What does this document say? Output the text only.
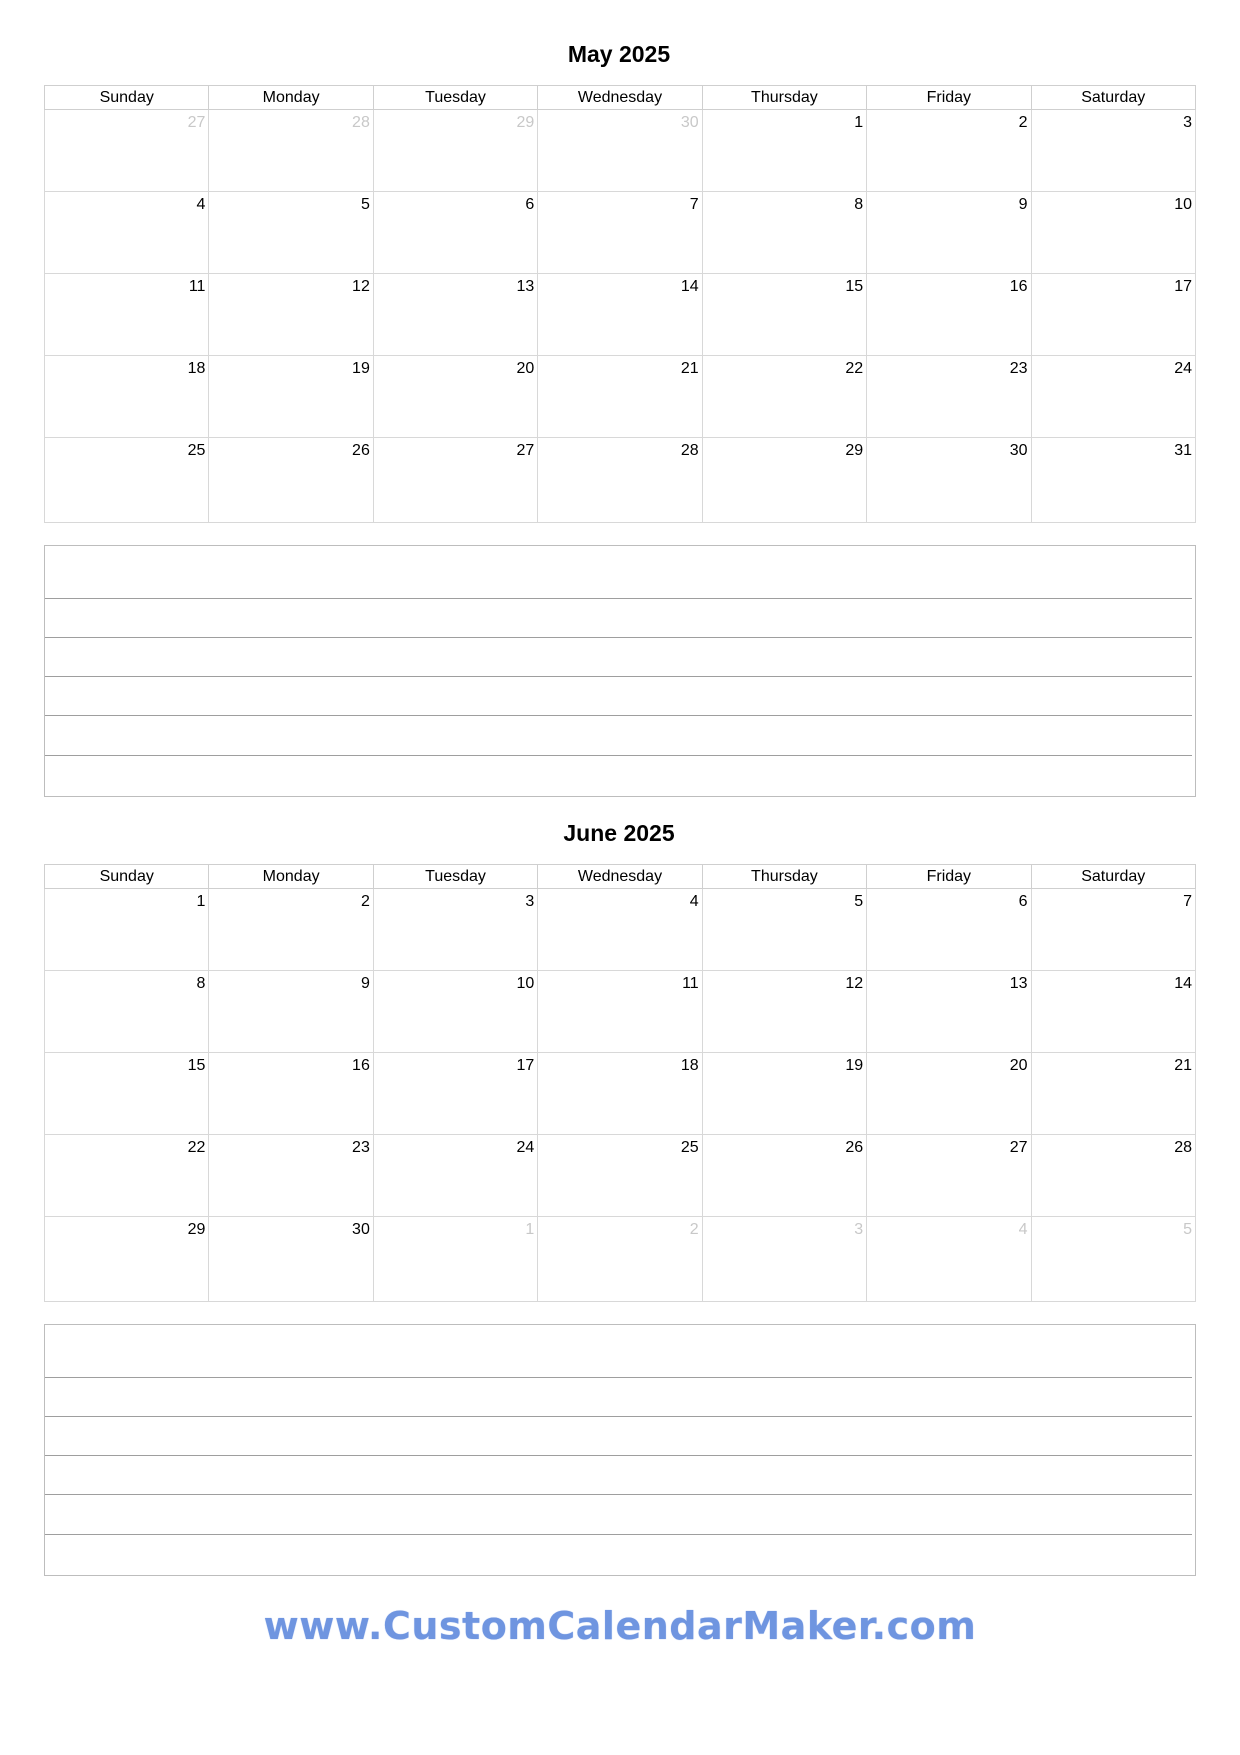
May 2025
Sunday	Monday	Tuesday	Wednesday	Thursday	Friday	Saturday
27	28	29	30	1	2	3
4	5	6	7	8	9	10
11	12	13	14	15	16	17
18	19	20	21	22	23	24
25	26	27	28	29	30	31
June 2025
Sunday	Monday	Tuesday	Wednesday	Thursday	Friday	Saturday
1	2	3	4	5	6	7
8	9	10	11	12	13	14
15	16	17	18	19	20	21
22	23	24	25	26	27	28
29	30	1	2	3	4	5
www.CustomCalendarMaker.com
